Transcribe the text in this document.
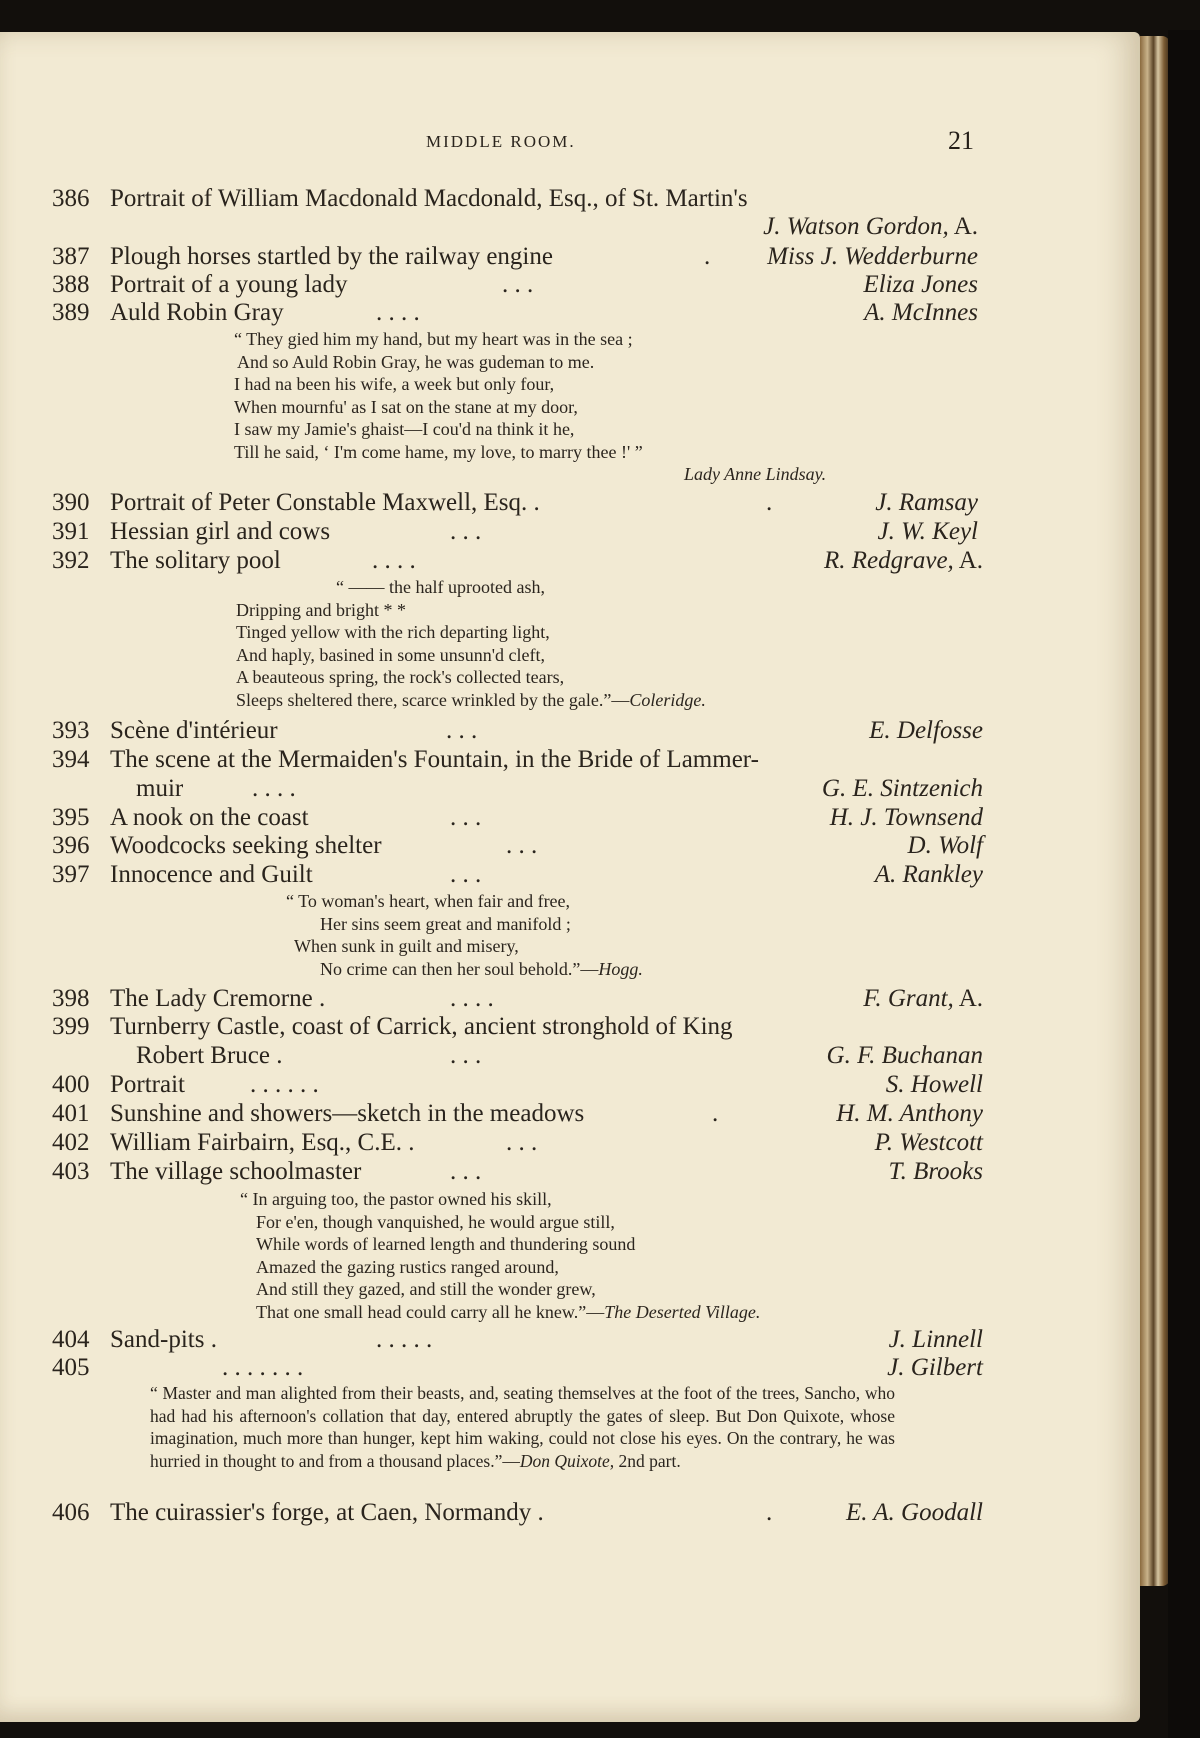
MIDDLE ROOM.	21
386 Portrait of William Macdonald Macdonald, Esq., of St. Martin's
J. Watson Gordon, A.
387 Plough horses startled by the railway engine	. Miss J. Wedderburne
388 Portrait of a young lady	. . .	Eliza Jones
389 Auld Robin Gray	. . . .	A. McInnes
“ They gied him my hand, but my heart was in the sea ;
And so Auld Robin Gray, he was gudeman to me.
I had na been his wife, a week but only four,
When mournfu' as I sat on the stane at my door,
I saw my Jamie's ghaist—I cou'd na think it he,
Till he said, ‘ I'm come hame, my love, to marry thee !' ”
Lady Anne Lindsay.
390 Portrait of Peter Constable Maxwell, Esq. .	.	J. Ramsay
391 Hessian girl and cows	. . .	J. W. Keyl
392 The solitary pool	. . . .	R. Redgrave, A.
“ —— the half uprooted ash,
Dripping and bright * *
Tinged yellow with the rich departing light,
And haply, basined in some unsunn'd cleft,
A beauteous spring, the rock's collected tears,
Sleeps sheltered there, scarce wrinkled by the gale.”—Coleridge.
393 Scène d'intérieur	. . .	E. Delfosse
394 The scene at the Mermaiden's Fountain, in the Bride of Lammer-
muir	. . . .	G. E. Sintzenich
395 A nook on the coast	. . .	H. J. Townsend
396 Woodcocks seeking shelter	. . .	D. Wolf
397 Innocence and Guilt	. . .	A. Rankley
“ To woman's heart, when fair and free,
Her sins seem great and manifold ;
When sunk in guilt and misery,
No crime can then her soul behold.”—Hogg.
398 The Lady Cremorne .	. . . .	F. Grant, A.
399 Turnberry Castle, coast of Carrick, ancient stronghold of King
Robert Bruce .	. . .	G. F. Buchanan
400 Portrait	. . . . . .	S. Howell
401 Sunshine and showers—sketch in the meadows	.	H. M. Anthony
402 William Fairbairn, Esq., C.E. .	. . .	P. Westcott
403 The village schoolmaster	. . .	T. Brooks
“ In arguing too, the pastor owned his skill,
For e'en, though vanquished, he would argue still,
While words of learned length and thundering sound
Amazed the gazing rustics ranged around,
And still they gazed, and still the wonder grew,
That one small head could carry all he knew.”—The Deserted Village.
404 Sand-pits .	. . . . .	J. Linnell
405	. . . . . . .	J. Gilbert
“ Master and man alighted from their beasts, and, seating themselves at the foot of the trees, Sancho, who had had his afternoon's collation that day, entered abruptly the gates of sleep. But Don Quixote, whose imagination, much more than hunger, kept him waking, could not close his eyes. On the contrary, he was hurried in thought to and from a thousand places.”—Don Quixote, 2nd part.
406 The cuirassier's forge, at Caen, Normandy .	.	E. A. Goodall
